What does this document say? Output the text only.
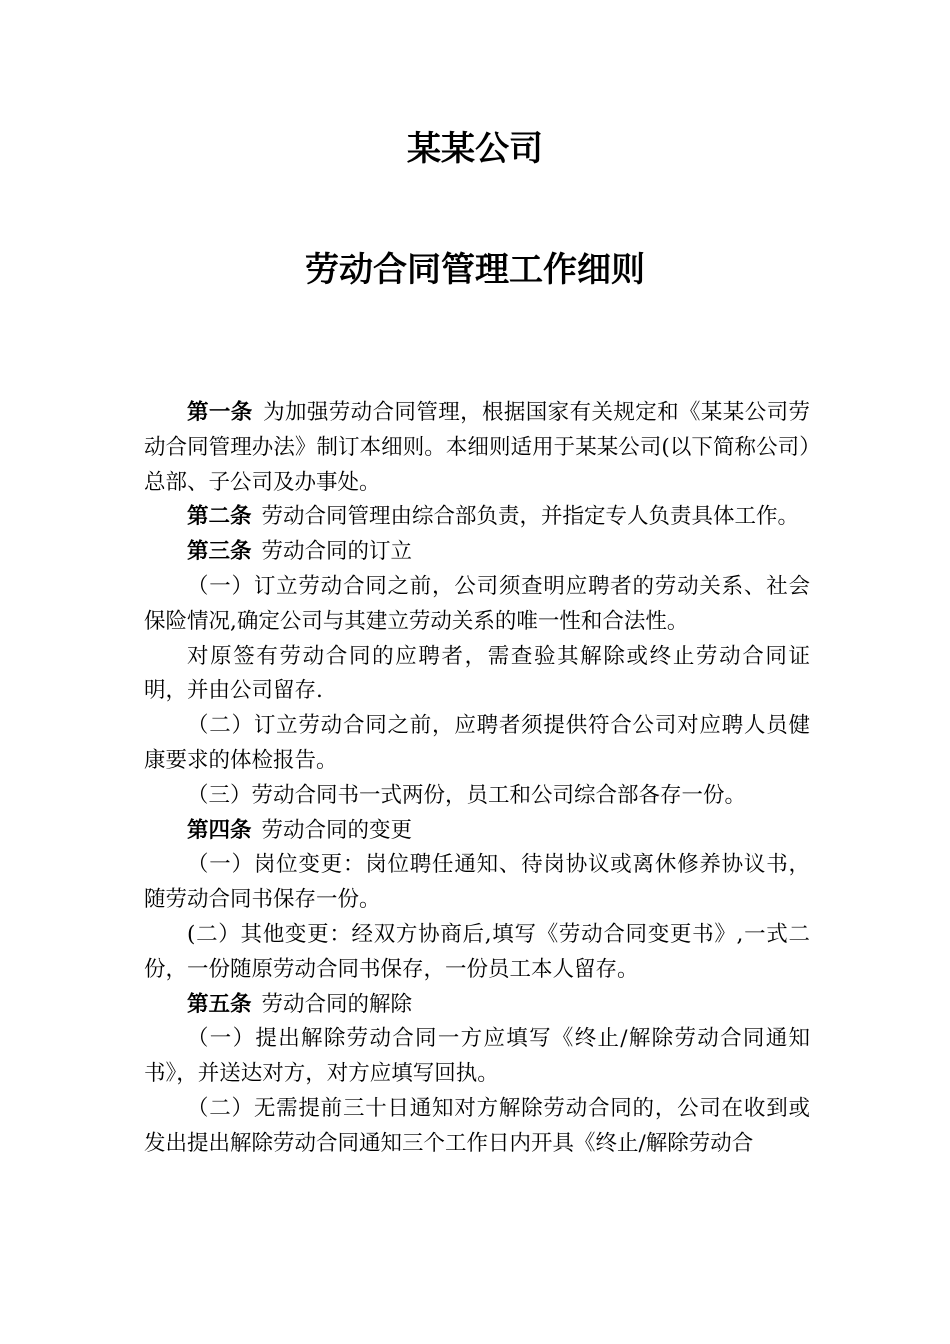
某某公司
劳动合同管理工作细则

第一条 为加强劳动合同管理，根据国家有关规定和《某某公司劳动合同管理办法》制订本细则。本细则适用于某某公司(以下简称公司）总部、子公司及办事处。

第二条 劳动合同管理由综合部负责，并指定专人负责具体工作。

第三条 劳动合同的订立

（一）订立劳动合同之前，公司须查明应聘者的劳动关系、社会保险情况,确定公司与其建立劳动关系的唯一性和合法性。

对原签有劳动合同的应聘者，需查验其解除或终止劳动合同证明，并由公司留存.

（二）订立劳动合同之前，应聘者须提供符合公司对应聘人员健康要求的体检报告。

（三）劳动合同书一式两份，员工和公司综合部各存一份。

第四条 劳动合同的变更

（一）岗位变更：岗位聘任通知、待岗协议或离休修养协议书，随劳动合同书保存一份。

(二）其他变更：经双方协商后,填写《劳动合同变更书》,一式二份，一份随原劳动合同书保存，一份员工本人留存。

第五条 劳动合同的解除

（一）提出解除劳动合同一方应填写《终止/解除劳动合同通知书》，并送达对方，对方应填写回执。

（二）无需提前三十日通知对方解除劳动合同的，公司在收到或发出提出解除劳动合同通知三个工作日内开具《终止/解除劳动合
